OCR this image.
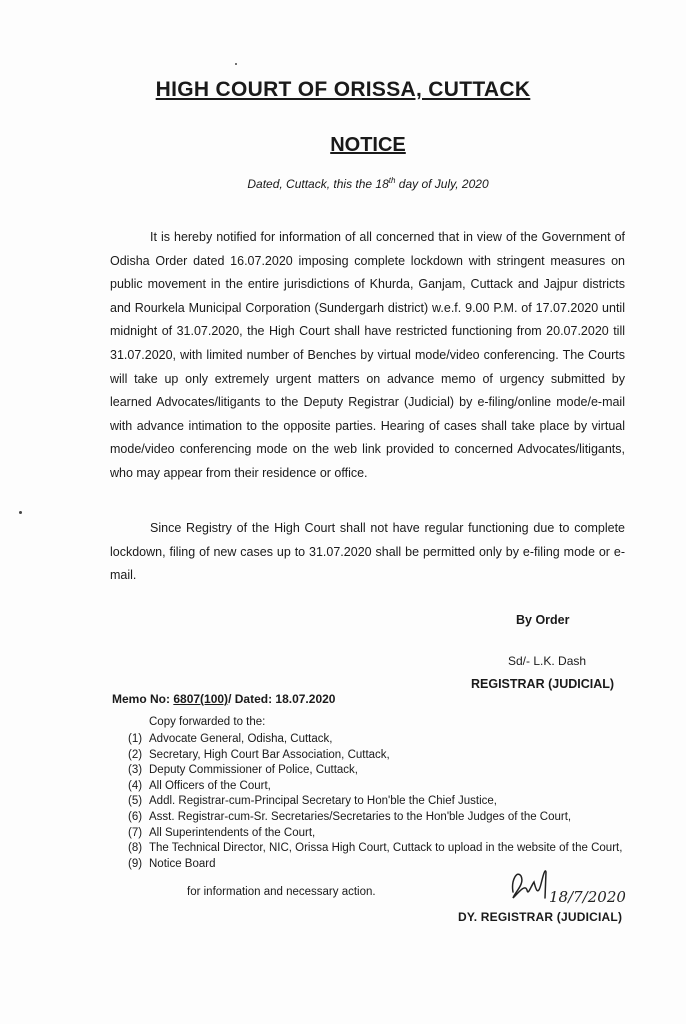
HIGH COURT OF ORISSA, CUTTACK
NOTICE
Dated, Cuttack, this the 18th day of July, 2020

It is hereby notified for information of all concerned that in view of the Government of Odisha Order dated 16.07.2020 imposing complete lockdown with stringent measures on public movement in the entire jurisdictions of Khurda, Ganjam, Cuttack and Jajpur districts and Rourkela Municipal Corporation (Sundergarh district) w.e.f. 9.00 P.M. of 17.07.2020 until midnight of 31.07.2020, the High Court shall have restricted functioning from 20.07.2020 till 31.07.2020, with limited number of Benches by virtual mode/video conferencing. The Courts will take up only extremely urgent matters on advance memo of urgency submitted by learned Advocates/litigants to the Deputy Registrar (Judicial) by e-filing/online mode/e-mail with advance intimation to the opposite parties. Hearing of cases shall take place by virtual mode/video conferencing mode on the web link provided to concerned Advocates/litigants, who may appear from their residence or office.

Since Registry of the High Court shall not have regular functioning due to complete lockdown, filing of new cases up to 31.07.2020 shall be permitted only by e-filing mode or e-mail.

By Order
Sd/- L.K. Dash
REGISTRAR (JUDICIAL)
Memo No: 6807(100)/ Dated: 18.07.2020
Copy forwarded to the:
(1) Advocate General, Odisha, Cuttack,
(2) Secretary, High Court Bar Association, Cuttack,
(3) Deputy Commissioner of Police, Cuttack,
(4) All Officers of the Court,
(5) Addl. Registrar-cum-Principal Secretary to Hon'ble the Chief Justice,
(6) Asst. Registrar-cum-Sr. Secretaries/Secretaries to the Hon'ble Judges of the Court,
(7) All Superintendents of the Court,
(8) The Technical Director, NIC, Orissa High Court, Cuttack to upload in the website of the Court,
(9) Notice Board
for information and necessary action.	18/7/2020
DY. REGISTRAR (JUDICIAL)
